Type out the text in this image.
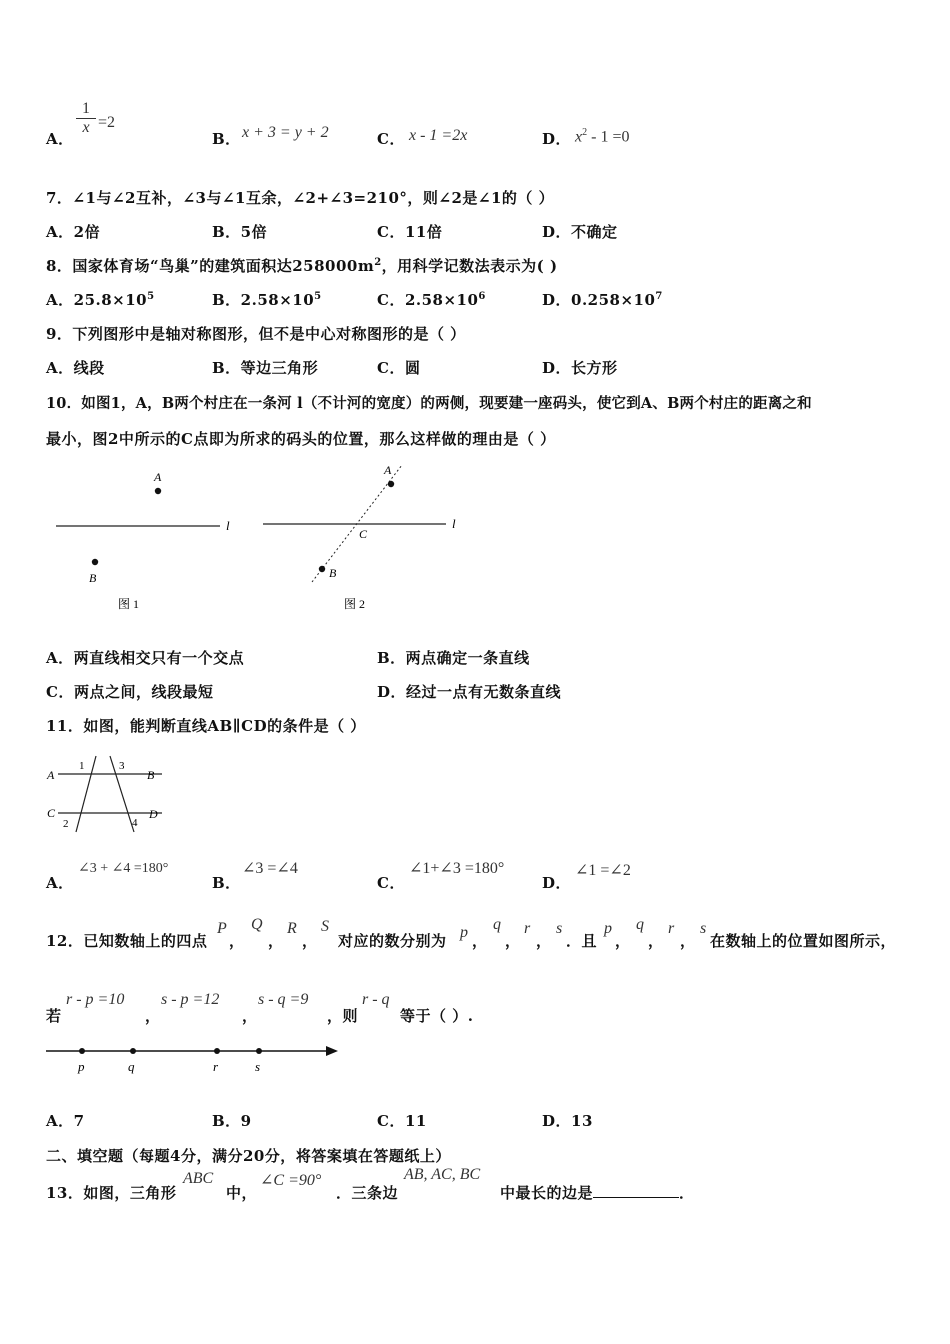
A．
$\frac{1}{x} =2$
B． x + 3 = y + 2	C． x - 1 =2x	D． $x^2 - 1 =0$
7．∠1与∠2互补，∠3与∠1互余，∠2+∠3=210°，则∠2是∠1的（ ）
A．2倍	B．5倍	C．11倍	D．不确定
8．国家体育场“鸟巢”的建筑面积达$258000m^2$，用科学记数法表示为( )
A．$25.8\times 10^5$	B．$2.58\times 10^5$	C．$2.58\times 10^6$	D．$0.258\times 10^7$
9．下列图形中是轴对称图形，但不是中心对称图形的是（ ）
A．线段	B．等边三角形	C．圆	D．长方形
10．如图1，A，B两个村庄在一条河 l（不计河的宽度）的两侧，现要建一座码头，使它到A、B两个村庄的距离之和
最小，图2中所示的C点即为所求的码头的位置，那么这样做的理由是（ ）
l
A
B
图 1
l
A
B
C
图 2
A．两直线相交只有一个交点	B．两点确定一条直线
C．两点之间，线段最短	D．经过一点有无数条直线
11．如图，能判断直线AB∥CD的条件是（ ）
A	B
C	D
1
2
3
4
A．
∠3 + ∠4 =180°
B．
∠3 =∠4
C．
∠1+∠3 =180°
D．
∠1 =∠2
12．已知数轴上的四点
P
，
Q
，
R
，
S
对应的数分别为 p ，
q
，
r
，
s
．且
p
，
q
，
r
，
s
在数轴上的位置如图所示，
若
r - p =10
，
s - p =12
，
s - q =9
，则
r - q
等于（ ）.
p	q	r	s
A．7	B．9	C．11	D．13
二、填空题（每题4分，满分20分，将答案填在答题纸上）
13．如图，三角形
ABC
中，
∠C =90°
．三条边
AB, AC, BC
中最长的边是	．
